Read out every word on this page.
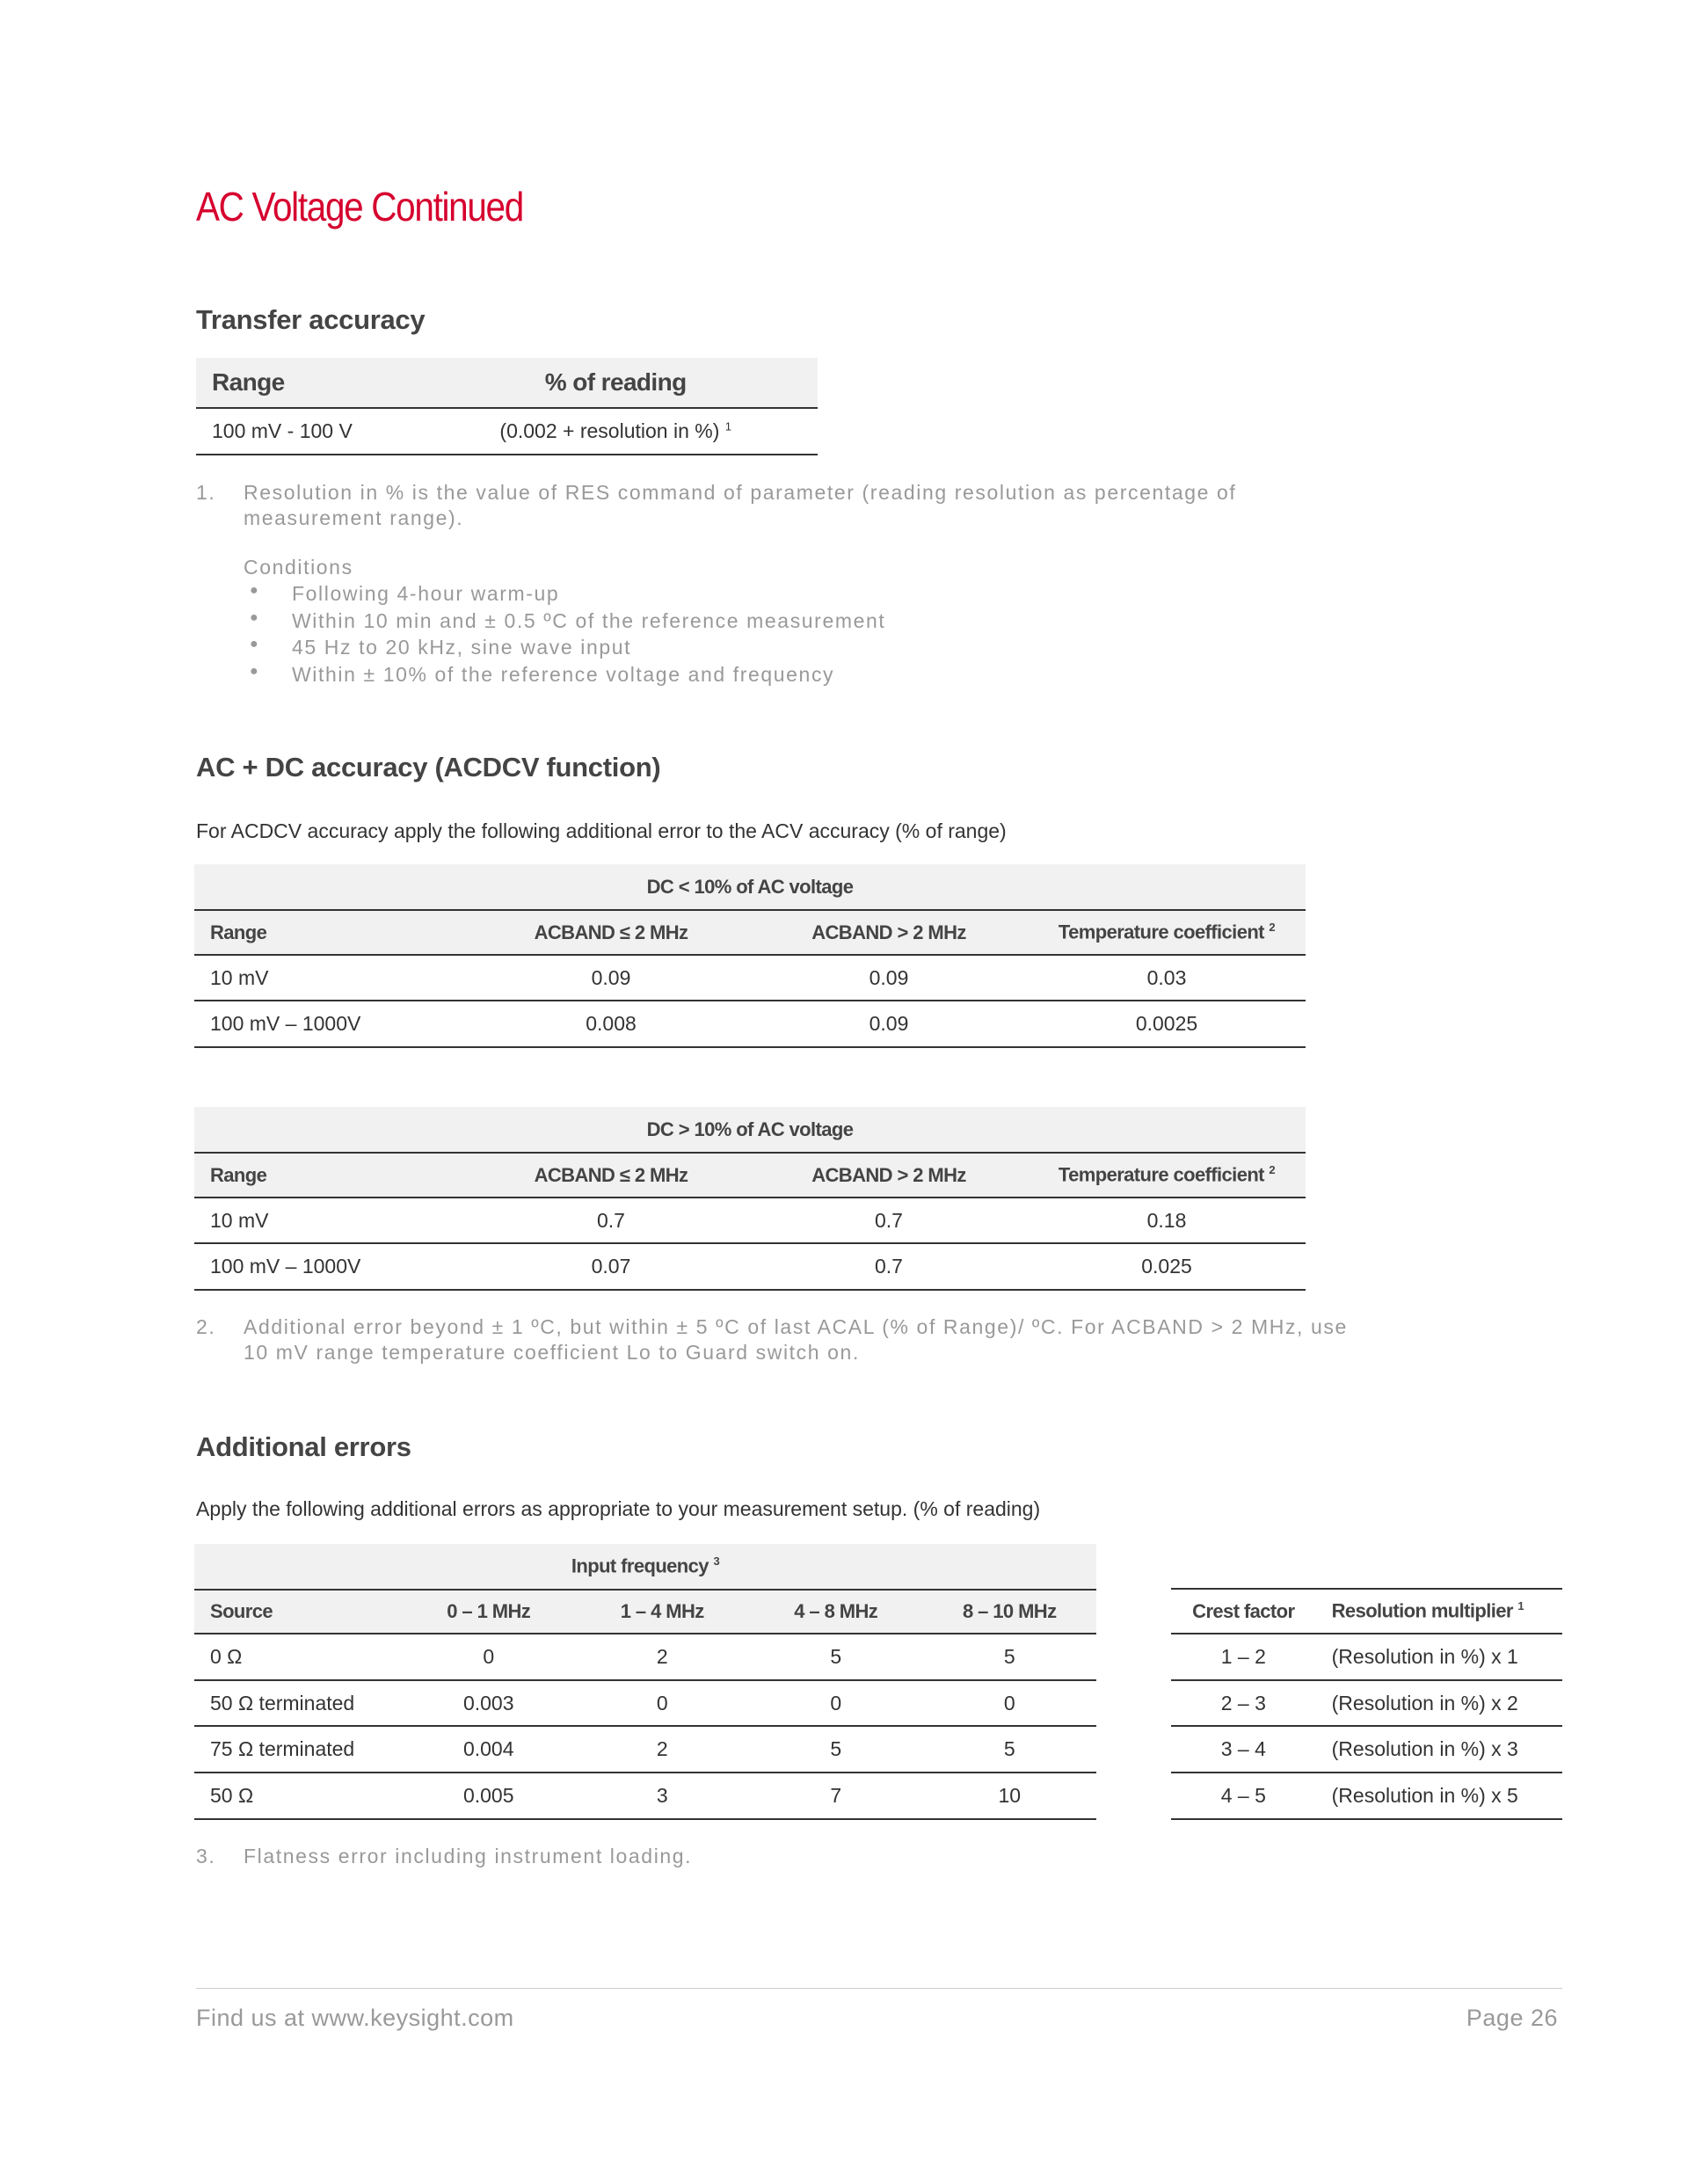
AC Voltage Continued
Transfer accuracy
Range	% of reading
100 mV - 100 V	(0.002 + resolution in %) $^1$
1. Resolution in % is the value of RES command of parameter (reading resolution as percentage of
measurement range).
Conditions
● Following 4-hour warm-up
● Within 10 min and ± 0.5 ºC of the reference measurement
● 45 Hz to 20 kHz, sine wave input
● Within ± 10% of the reference voltage and frequency
AC + DC accuracy (ACDCV function)
For ACDCV accuracy apply the following additional error to the ACV accuracy (% of range)
DC < 10% of AC voltage			
Range	ACBAND ≤ 2 MHz	ACBAND > 2 MHz	Temperature coefficient $^2$
10 mV	0.09	0.09	0.03
100 mV – 1000V	0.008	0.09	0.0025
DC > 10% of AC voltage			
Range	ACBAND ≤ 2 MHz	ACBAND > 2 MHz	Temperature coefficient $^2$
10 mV	0.7	0.7	0.18
100 mV – 1000V	0.07	0.7	0.025
2. Additional error beyond ± 1 ºC, but within ± 5 ºC of last ACAL (% of Range)/ ºC. For ACBAND > 2 MHz, use
10 mV range temperature coefficient Lo to Guard switch on.
Additional errors
Apply the following additional errors as appropriate to your measurement setup. (% of reading)
Input frequency $^3$
Source	0 – 1 MHz	1 – 4 MHz	4 – 8 MHz	8 – 10 MHz
0 Ω	0	2	5	5
50 Ω terminated	0.003	0	0	0
75 Ω terminated	0.004	2	5	5
50 Ω	0.005	3	7	10
Crest factor	Resolution multiplier $^1$
1 – 2	(Resolution in %) x 1
2 – 3	(Resolution in %) x 2
3 – 4	(Resolution in %) x 3
4 – 5	(Resolution in %) x 5
3. Flatness error including instrument loading.
Find us at www.keysight.com	Page 26
